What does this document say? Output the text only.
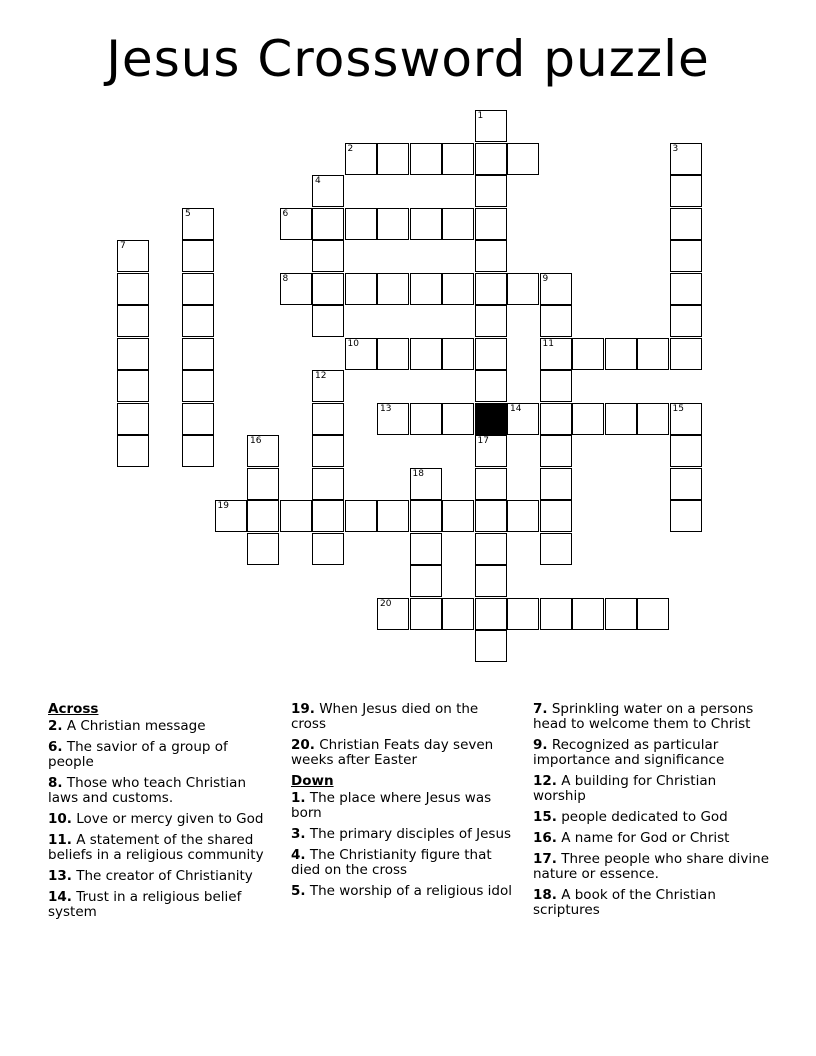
Jesus Crossword puzzle
1
17
2	3
4
5	6
7
8	9
11
10
12
13	14	15
16
18
19
20

Across

2. A Christian message

6. The savior of a group of people

8. Those who teach Christian laws and customs.

10. Love or mercy given to God

11. A statement of the shared beliefs in a religious community

13. The creator of Christianity

14. Trust in a religious belief system

19. When Jesus died on the cross

20. Christian Feats day seven weeks after Easter

Down

1. The place where Jesus was born

3. The primary disciples of Jesus

4. The Christianity figure that died on the cross

5. The worship of a religious idol

7. Sprinkling water on a persons head to welcome them to Christ

9. Recognized as particular importance and significance

12. A building for Christian worship

15. people dedicated to God

16. A name for God or Christ

17. Three people who share divine nature or essence.

18. A book of the Christian scriptures
